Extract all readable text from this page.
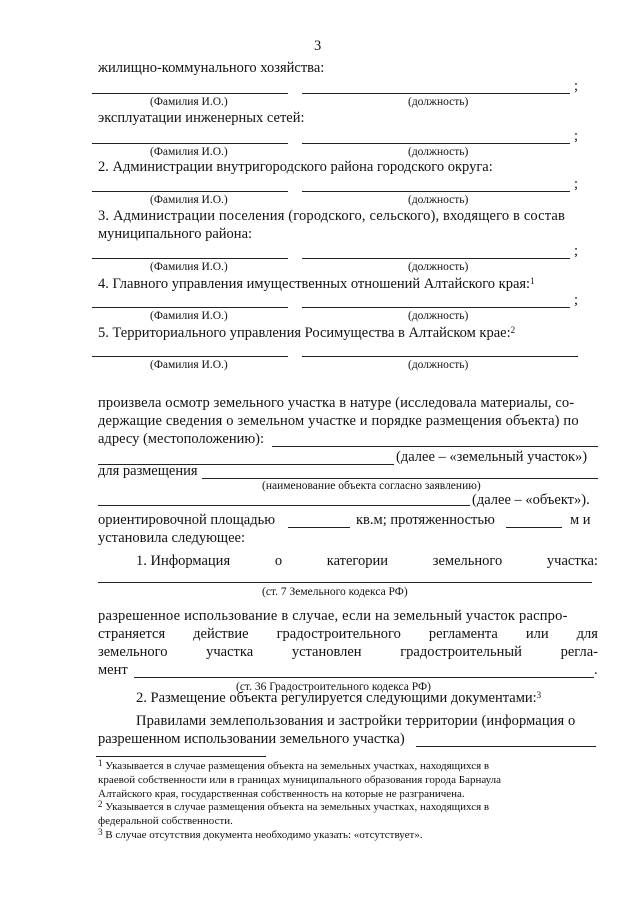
3
жилищно-коммунального хозяйства:
;
(Фамилия И.О.)	(должность)
эксплуатации инженерных сетей:
;
(Фамилия И.О.)	(должность)
2. Администрации внутригородского района городского округа:
;
(Фамилия И.О.)	(должность)
3. Администрации поселения (городского, сельского), входящего в состав
муниципального района:
;
(Фамилия И.О.)	(должность)
4. Главного управления имущественных отношений Алтайского края:$^1$
;
(Фамилия И.О.)	(должность)
5. Территориального управления Росимущества в Алтайском крае:$^2$
(Фамилия И.О.)	(должность)
произвела осмотр земельного участка в натуре (исследовала материалы, со-
держащие сведения о земельном участке и порядке размещения объекта) по
адресу (местоположению):
(далее – «земельный участок»)
для размещения
(наименование объекта согласно заявлению)
(далее – «объект»).
ориентировочной площадью	кв.м; протяженностью	м и
установила следующее:
1. Информация	о	категории	земельного	участка:
(ст. 7 Земельного кодекса РФ)
разрешенное использование в случае, если на земельный участок распро-
страняется действие градостроительного регламента или для
земельного	участка	установлен	градостроительный	регла-
мент	.
(ст. 36 Градостроительного кодекса РФ)
2. Размещение объекта регулируется следующими документами:$^3$
Правилами землепользования и застройки территории (информация о
разрешенном использовании земельного участка)
$^1$ Указывается в случае размещения объекта на земельных участках, находящихся в
краевой собственности или в границах муниципального образования города Барнаула
Алтайского края, государственная собственность на которые не разграничена.
$^2$ Указывается в случае размещения объекта на земельных участках, находящихся в
федеральной собственности.
$^3$ В случае отсутствия документа необходимо указать: «отсутствует».
